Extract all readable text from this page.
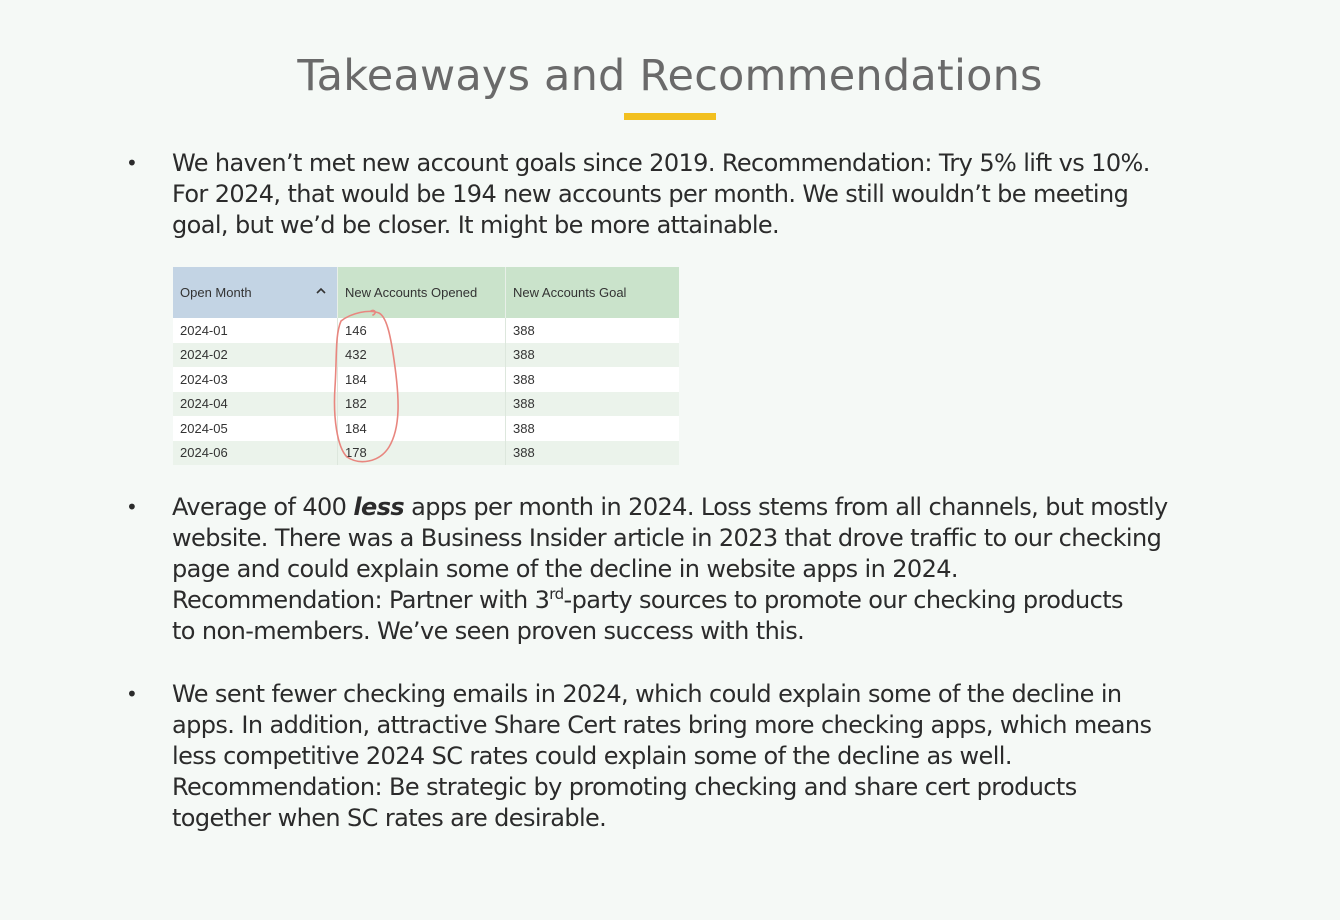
Takeaways and Recommendations
• We haven’t met new account goals since 2019. Recommendation: Try 5% lift vs 10%.

For 2024, that would be 194 new accounts per month. We still wouldn’t be meeting

goal, but we’d be closer. It might be more attainable.

Open Month	New Accounts Opened	New Accounts Goal
2024-01	146	388
2024-02	432	388
2024-03	184	388
2024-04	182	388
2024-05	184	388
2024-06	178	388
• Average of 400 less apps per month in 2024. Loss stems from all channels, but mostly

website. There was a Business Insider article in 2023 that drove traffic to our checking

page and could explain some of the decline in website apps in 2024.

Recommendation: Partner with 3rd-party sources to promote our checking products

to non-members. We’ve seen proven success with this.

• We sent fewer checking emails in 2024, which could explain some of the decline in

apps. In addition, attractive Share Cert rates bring more checking apps, which means

less competitive 2024 SC rates could explain some of the decline as well.

Recommendation: Be strategic by promoting checking and share cert products

together when SC rates are desirable.
